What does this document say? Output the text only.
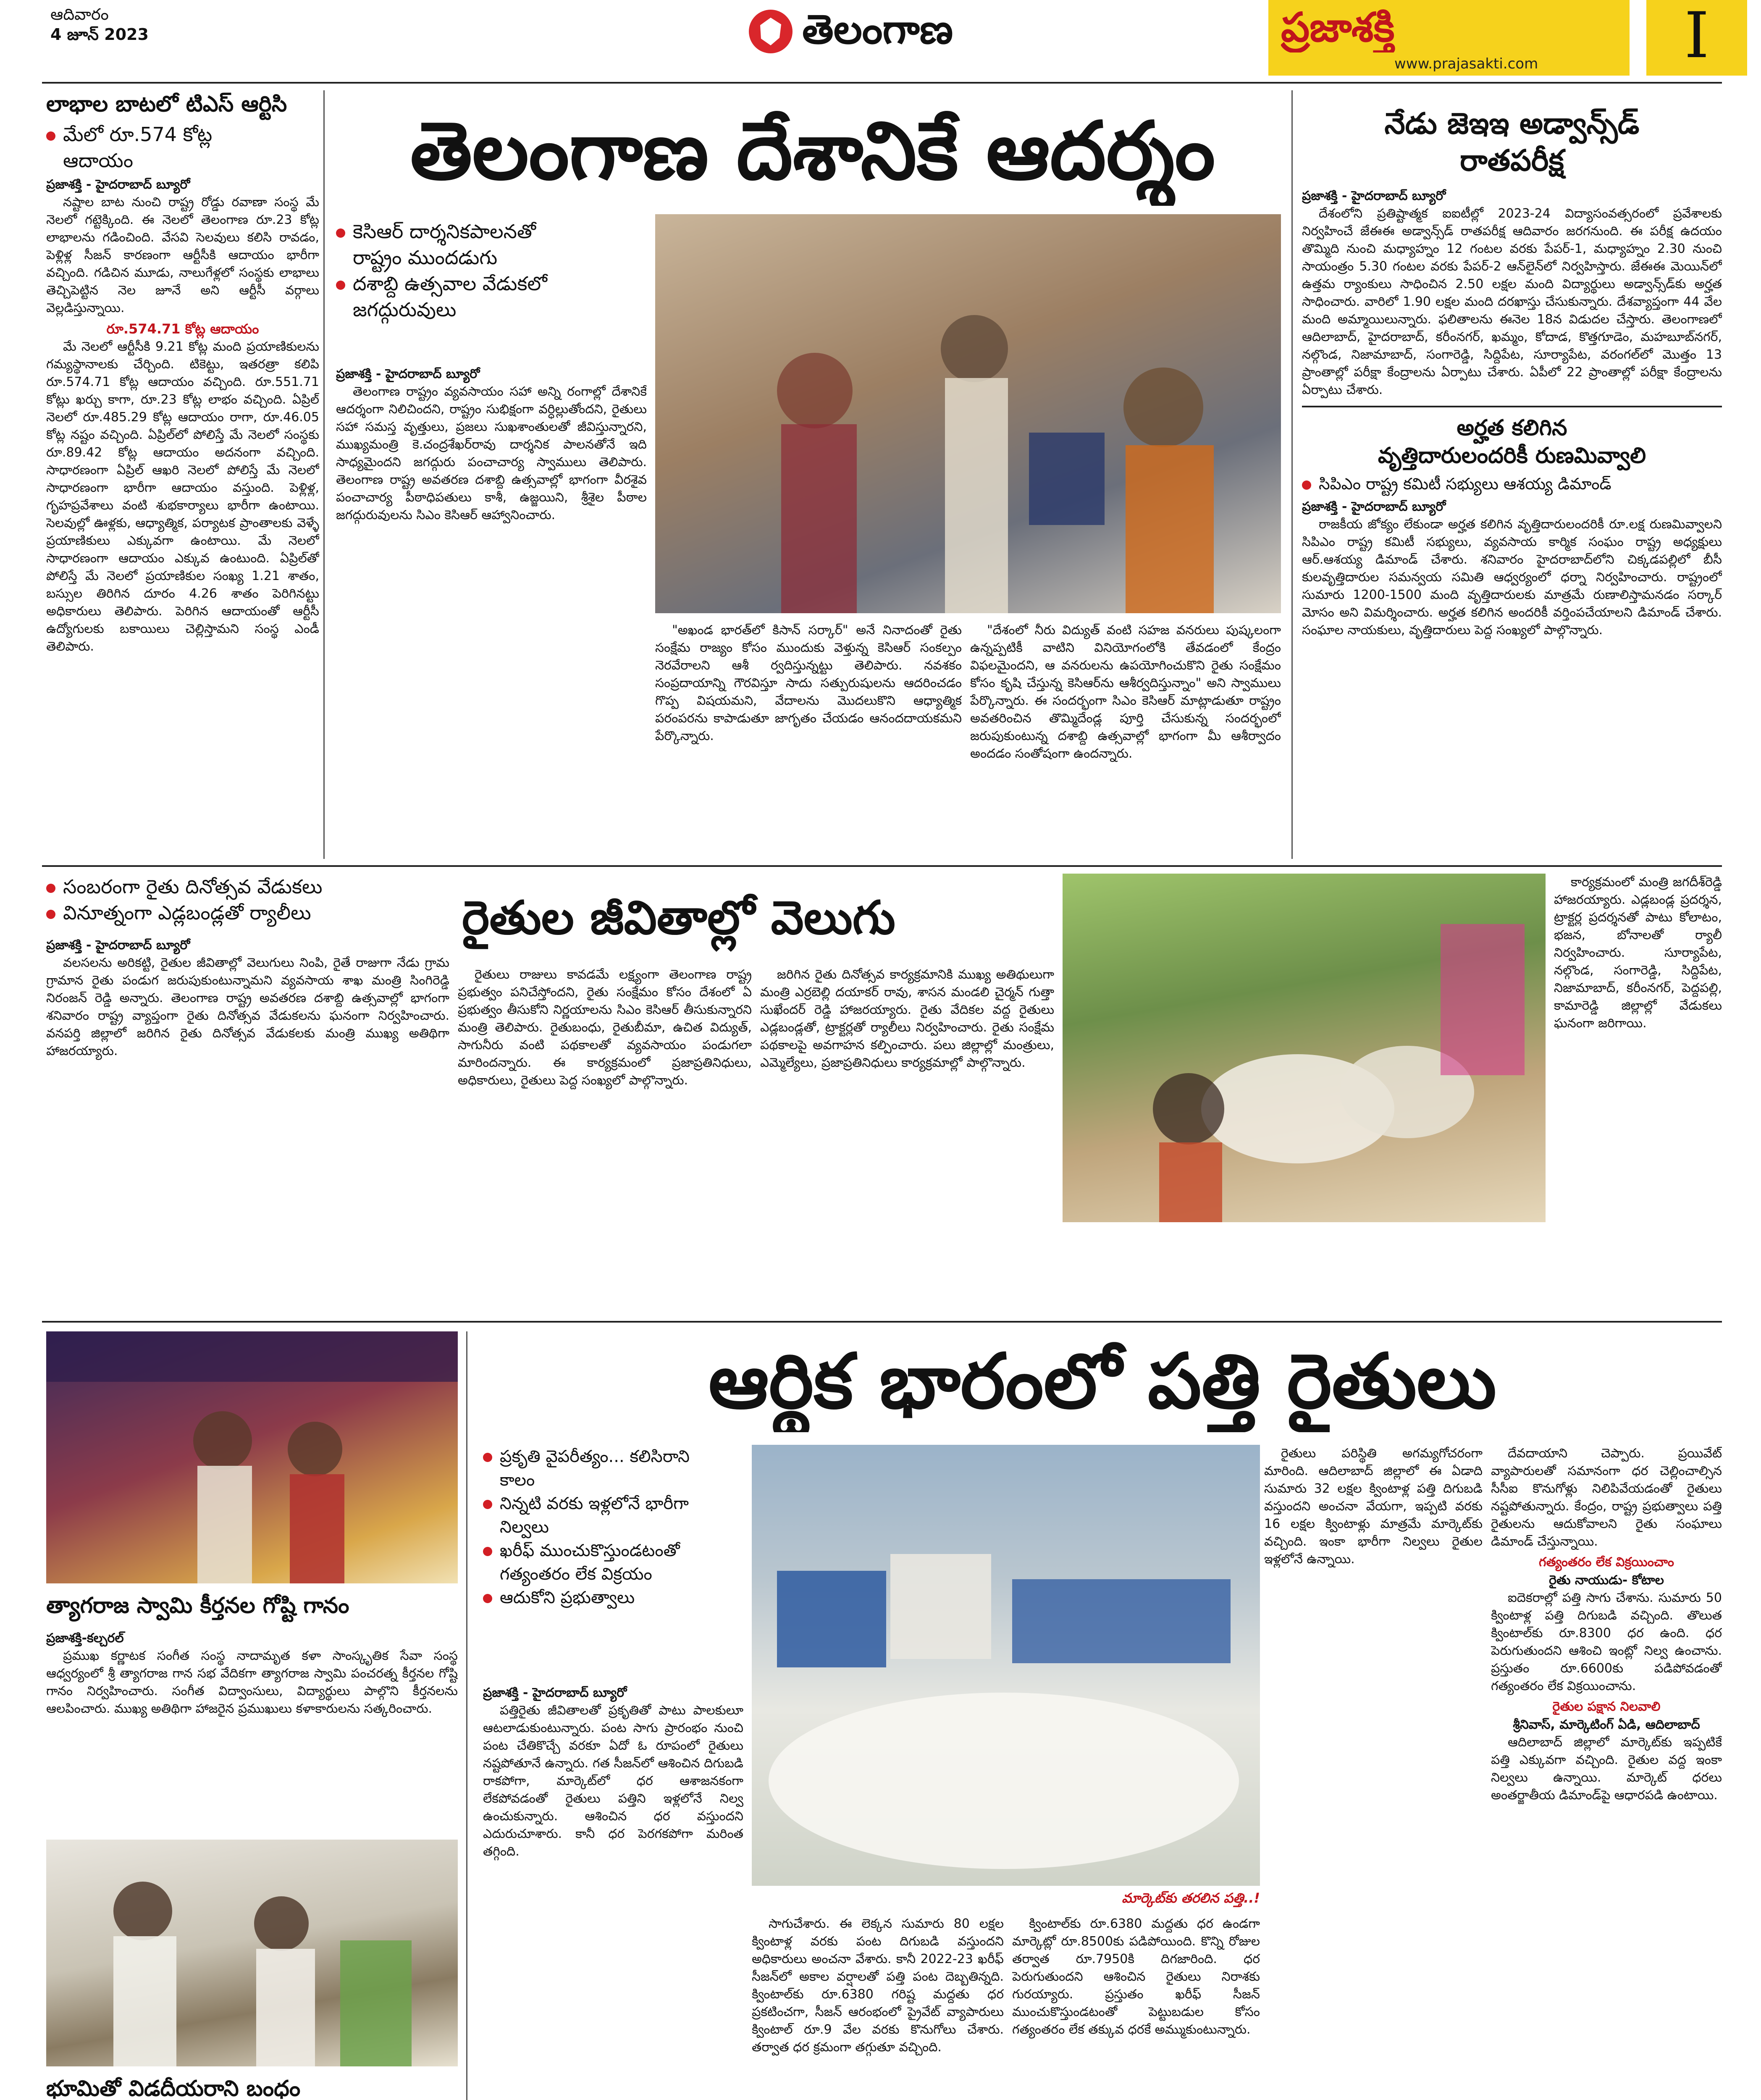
ఆదివారం
4 జూన్ 2023	తెలంగాణ	ప్రజాశక్తి
www.prajasakti.com	I
లాభాల బాటలో టిఎస్ ఆర్టిసి
మేలో రూ.574 కోట్ల
ఆదాయం
ప్రజాశక్తి - హైదరాబాద్ బ్యూరో

నష్టాల బాట నుంచి రాష్ట్ర రోడ్డు రవాణా సంస్థ మే నెలలో గట్టెక్కింది. ఈ నెలలో తెలంగాణ రూ.23 కోట్ల లాభాలను గడించింది. వేసవి సెలవులు కలిసి రావడం, పెళ్లిళ్ల సీజన్ కారణంగా ఆర్టీసీకి ఆదాయం భారీగా వచ్చింది. గడిచిన మూడు, నాలుగేళ్లలో సంస్థకు లాభాలు తెచ్చిపెట్టిన నెల జూనే అని ఆర్టీసీ వర్గాలు వెల్లడిస్తున్నాయి.

రూ.574.71 కోట్ల ఆదాయం

మే నెలలో ఆర్టీసీకి 9.21 కోట్ల మంది ప్రయాణికులను గమ్యస్థానాలకు చేర్చింది. టికెట్టు, ఇతరత్రా కలిపి రూ.574.71 కోట్ల ఆదాయం వచ్చింది. రూ.551.71 కోట్లు ఖర్చు కాగా, రూ.23 కోట్ల లాభం వచ్చింది. ఏప్రిల్ నెలలో రూ.485.29 కోట్ల ఆదాయం రాగా, రూ.46.05 కోట్ల నష్టం వచ్చింది. ఏప్రిల్‌లో పోలిస్తే మే నెలలో సంస్థకు రూ.89.42 కోట్ల ఆదాయం అదనంగా వచ్చింది. సాధారణంగా ఏప్రిల్ ఆఖరి నెలలో పోలిస్తే మే నెలలో సాధారణంగా భారీగా ఆదాయం వస్తుంది. పెళ్లిళ్ల, గృహప్రవేశాలు వంటి శుభకార్యాలు భారీగా ఉంటాయి. సెలవుల్లో ఊళ్లకు, ఆధ్యాత్మిక, పర్యాటక ప్రాంతాలకు వెళ్ళే ప్రయాణికులు ఎక్కువగా ఉంటాయి. మే నెలలో సాధారణంగా ఆదాయం ఎక్కువ ఉంటుంది. ఏప్రిల్‌తో పోలిస్తే మే నెలలో ప్రయాణికుల సంఖ్య 1.21 శాతం, బస్సుల తిరిగిన దూరం 4.26 శాతం పెరిగినట్టు అధికారులు తెలిపారు. పెరిగిన ఆదాయంతో ఆర్టీసీ ఉద్యోగులకు బకాయిలు చెల్లిస్తామని సంస్థ ఎండీ తెలిపారు.

తెలంగాణ దేశానికే ఆదర్శం
కెసిఆర్ దార్శనికపాలనతో
రాష్ట్రం ముందడుగు
దశాబ్ది ఉత్సవాల వేడుకలో
జగద్గురువులు
ప్రజాశక్తి - హైదరాబాద్ బ్యూరో

తెలంగాణ రాష్ట్రం వ్యవసాయం సహా అన్ని రంగాల్లో దేశానికే ఆదర్శంగా నిలిచిందని, రాష్ట్రం సుభిక్షంగా వర్ధిల్లుతోందని, రైతులు సహా సమస్త వృత్తులు, ప్రజలు సుఖశాంతులతో జీవిస్తున్నారని, ముఖ్యమంత్రి కె.చంద్రశేఖర్‌రావు దార్శనిక పాలనతోనే ఇది సాధ్యమైందని జగద్గురు పంచాచార్య స్వాములు తెలిపారు. తెలంగాణ రాష్ట్ర అవతరణ దశాబ్ది ఉత్సవాల్లో భాగంగా వీరశైవ పంచాచార్య పీఠాధిపతులు కాశీ, ఉజ్జయిని, శ్రీశైల పీఠాల జగద్గురువులను సిఎం కెసిఆర్ ఆహ్వానించారు.

"అఖండ భారత్‌లో కిసాన్ సర్కార్" అనే నినాదంతో రైతు సంక్షేమ రాజ్యం కోసం ముందుకు వెళ్తున్న కెసిఆర్ సంకల్పం నెరవేరాలని ఆశీ ర్వదిస్తున్నట్టు తెలిపారు. నవశకం సంప్రదాయాన్ని గౌరవిస్తూ సాదు సత్పురుషులను ఆదరించడం గొప్ప విషయమని, వేదాలను మొదలుకొని ఆధ్యాత్మిక పరంపరను కాపాడుతూ జాగృతం చేయడం ఆనందదాయకమని పేర్కొన్నారు.

"దేశంలో నీరు విద్యుత్ వంటి సహజ వనరులు పుష్కలంగా ఉన్నప్పటికీ వాటిని వినియోగంలోకి తేవడంలో కేంద్రం విఫలమైందని, ఆ వనరులను ఉపయోగించుకొని రైతు సంక్షేమం కోసం కృషి చేస్తున్న కెసిఆర్‌ను ఆశీర్వదిస్తున్నాం" అని స్వాములు పేర్కొన్నారు. ఈ సందర్భంగా సిఎం కెసిఆర్ మాట్లాడుతూ రాష్ట్రం అవతరించిన తొమ్మిదేండ్ల పూర్తి చేసుకున్న సందర్భంలో జరుపుకుంటున్న దశాబ్ది ఉత్సవాల్లో భాగంగా మీ ఆశీర్వాదం అందడం సంతోషంగా ఉందన్నారు.

నేడు జెఇఇ అడ్వాన్స్‌డ్
రాతపరీక్ష
ప్రజాశక్తి - హైదరాబాద్ బ్యూరో

దేశంలోని ప్రతిష్టాత్మక ఐఐటీల్లో 2023-24 విద్యాసంవత్సరంలో ప్రవేశాలకు నిర్వహించే జేఈఈ అడ్వాన్స్‌డ్ రాతపరీక్ష ఆదివారం జరగనుంది. ఈ పరీక్ష ఉదయం తొమ్మిది నుంచి మధ్యాహ్నం 12 గంటల వరకు పేపర్-1, మధ్యాహ్నం 2.30 నుంచి సాయంత్రం 5.30 గంటల వరకు పేపర్-2 ఆన్‌లైన్‌లో నిర్వహిస్తారు. జేఈఈ మెయిన్‌లో ఉత్తమ ర్యాంకులు సాధించిన 2.50 లక్షల మంది విద్యార్థులు అడ్వాన్స్‌డ్‌కు అర్హత సాధించారు. వారిలో 1.90 లక్షల మంది దరఖాస్తు చేసుకున్నారు. దేశవ్యాప్తంగా 44 వేల మంది అమ్మాయిలున్నారు. ఫలితాలను ఈనెల 18న విడుదల చేస్తారు. తెలంగాణలో ఆదిలాబాద్, హైదరాబాద్, కరీంనగర్, ఖమ్మం, కోదాడ, కొత్తగూడెం, మహబూబ్‌నగర్, నల్గొండ, నిజామాబాద్, సంగారెడ్డి, సిద్దిపేట, సూర్యాపేట, వరంగల్‌లో మొత్తం 13 ప్రాంతాల్లో పరీక్షా కేంద్రాలను ఏర్పాటు చేశారు. ఏపీలో 22 ప్రాంతాల్లో పరీక్షా కేంద్రాలను ఏర్పాటు చేశారు.

అర్హత కలిగిన
వృత్తిదారులందరికీ రుణమివ్వాలి
సిపిఎం రాష్ట్ర కమిటీ సభ్యులు ఆశయ్య డిమాండ్
ప్రజాశక్తి - హైదరాబాద్ బ్యూరో

రాజకీయ జోక్యం లేకుండా అర్హత కలిగిన వృత్తిదారులందరికీ రూ.లక్ష రుణమివ్వాలని సిపిఎం రాష్ట్ర కమిటీ సభ్యులు, వ్యవసాయ కార్మిక సంఘం రాష్ట్ర అధ్యక్షులు ఆర్.ఆశయ్య డిమాండ్ చేశారు. శనివారం హైదరాబాద్‌లోని చిక్కడపల్లిలో బీసీ కులవృత్తిదారుల సమన్వయ సమితి ఆధ్వర్యంలో ధర్నా నిర్వహించారు. రాష్ట్రంలో సుమారు 1200-1500 మంది వృత్తిదారులకు మాత్రమే రుణాలిస్తామనడం సర్కార్ మోసం అని విమర్శించారు. అర్హత కలిగిన అందరికీ వర్తింపచేయాలని డిమాండ్ చేశారు. సంఘాల నాయకులు, వృత్తిదారులు పెద్ద సంఖ్యలో పాల్గొన్నారు.

సంబరంగా రైతు దినోత్సవ వేడుకలు
వినూత్నంగా ఎడ్లబండ్లతో ర్యాలీలు	రైతుల జీవితాల్లో వెలుగు
ప్రజాశక్తి - హైదరాబాద్ బ్యూరో

వలసలను అరికట్టి, రైతుల జీవితాల్లో వెలుగులు నింపి, రైతే రాజుగా నేడు గ్రామ గ్రామాన రైతు పండుగ జరుపుకుంటున్నామని వ్యవసాయ శాఖ మంత్రి సింగిరెడ్డి నిరంజన్ రెడ్డి అన్నారు. తెలంగాణ రాష్ట్ర అవతరణ దశాబ్ది ఉత్సవాల్లో భాగంగా శనివారం రాష్ట్ర వ్యాప్తంగా రైతు దినోత్సవ వేడుకలను ఘనంగా నిర్వహించారు. వనపర్తి జిల్లాలో జరిగిన రైతు దినోత్సవ వేడుకలకు మంత్రి ముఖ్య అతిథిగా హాజరయ్యారు.

రైతులు రాజులు కావడమే లక్ష్యంగా తెలంగాణ రాష్ట్ర ప్రభుత్వం పనిచేస్తోందని, రైతు సంక్షేమం కోసం దేశంలో ఏ ప్రభుత్వం తీసుకోని నిర్ణయాలను సిఎం కెసిఆర్ తీసుకున్నారని మంత్రి తెలిపారు. రైతుబంధు, రైతుబీమా, ఉచిత విద్యుత్, సాగునీరు వంటి పథకాలతో వ్యవసాయం పండుగలా మారిందన్నారు. ఈ కార్యక్రమంలో ప్రజాప్రతినిధులు, అధికారులు, రైతులు పెద్ద సంఖ్యలో పాల్గొన్నారు.

జరిగిన రైతు దినోత్సవ కార్యక్రమానికి ముఖ్య అతిథులుగా మంత్రి ఎర్రబెల్లి దయాకర్ రావు, శాసన మండలి చైర్మన్ గుత్తా సుఖేందర్ రెడ్డి హాజరయ్యారు. రైతు వేదికల వద్ద రైతులు ఎడ్లబండ్లతో, ట్రాక్టర్లతో ర్యాలీలు నిర్వహించారు. రైతు సంక్షేమ పథకాలపై అవగాహన కల్పించారు. పలు జిల్లాల్లో మంత్రులు, ఎమ్మెల్యేలు, ప్రజాప్రతినిధులు కార్యక్రమాల్లో పాల్గొన్నారు.

కార్యక్రమంలో మంత్రి జగదీశ్‌రెడ్డి హాజరయ్యారు. ఎడ్లబండ్ల ప్రదర్శన, ట్రాక్టర్ల ప్రదర్శనతో పాటు కోలాటం, భజన, బోనాలతో ర్యాలీ నిర్వహించారు. సూర్యాపేట, నల్గొండ, సంగారెడ్డి, సిద్దిపేట, నిజామాబాద్, కరీంనగర్, పెద్దపల్లి, కామారెడ్డి జిల్లాల్లో వేడుకలు ఘనంగా జరిగాయి.

త్యాగరాజ స్వామి కీర్తనల గోష్టి గానం
ప్రజాశక్తి-కల్చరల్

ప్రముఖ కర్ణాటక సంగీత సంస్థ నాదామృత కళా సాంస్కృతిక సేవా సంస్థ ఆధ్వర్యంలో శ్రీ త్యాగరాజ గాన సభ వేదికగా త్యాగరాజ స్వామి పంచరత్న కీర్తనల గోష్టి గానం నిర్వహించారు. సంగీత విద్వాంసులు, విద్యార్థులు పాల్గొని కీర్తనలను ఆలపించారు. ముఖ్య అతిథిగా హాజరైన ప్రముఖులు కళాకారులను సత్కరించారు.

భూమితో విడదీయరాని బంధం

ఆర్థిక భారంలో పత్తి రైతులు
ప్రకృతి వైపరీత్యం... కలిసిరాని
కాలం
నిన్నటి వరకు ఇళ్లలోనే భారీగా
నిల్వలు
ఖరీఫ్ ముంచుకొస్తుండటంతో
గత్యంతరం లేక విక్రయం
ఆదుకోని ప్రభుత్వాలు
మార్కెట్‌కు తరలిన పత్తి..!
ప్రజాశక్తి - హైదరాబాద్ బ్యూరో

పత్తిరైతు జీవితాలతో ప్రకృతితో పాటు పాలకులూ ఆటలాడుకుంటున్నారు. పంట సాగు ప్రారంభం నుంచి పంట చేతికొచ్చే వరకూ ఏదో ఓ రూపంలో రైతులు నష్టపోతూనే ఉన్నారు. గత సీజన్‌లో ఆశించిన దిగుబడి రాకపోగా, మార్కెట్‌లో ధర ఆశాజనకంగా లేకపోవడంతో రైతులు పత్తిని ఇళ్లలోనే నిల్వ ఉంచుకున్నారు. ఆశించిన ధర వస్తుందని ఎదురుచూశారు. కానీ ధర పెరగకపోగా మరింత తగ్గింది.

సాగుచేశారు. ఈ లెక్కన సుమారు 80 లక్షల క్వింటాళ్ల వరకు పంట దిగుబడి వస్తుందని అధికారులు అంచనా వేశారు. కానీ 2022-23 ఖరీఫ్ సీజన్‌లో అకాల వర్షాలతో పత్తి పంట దెబ్బతిన్నది. క్వింటాల్‌కు రూ.6380 గరిష్ట మద్దతు ధర ప్రకటించగా, సీజన్ ఆరంభంలో ప్రైవేట్ వ్యాపారులు క్వింటాల్ రూ.9 వేల వరకు కొనుగోలు చేశారు. తర్వాత ధర క్రమంగా తగ్గుతూ వచ్చింది.

క్వింటాల్‌కు రూ.6380 మద్దతు ధర ఉండగా మార్కెట్లో రూ.8500కు పడిపోయింది. కొన్ని రోజుల తర్వాత రూ.7950కి దిగజారింది. ధర పెరుగుతుందని ఆశించిన రైతులు నిరాశకు గురయ్యారు. ప్రస్తుతం ఖరీఫ్ సీజన్ ముంచుకొస్తుండటంతో పెట్టుబడుల కోసం గత్యంతరం లేక తక్కువ ధరకే అమ్ముకుంటున్నారు.

రైతులు పరిస్థితి అగమ్యగోచరంగా మారింది. ఆదిలాబాద్ జిల్లాలో ఈ ఏడాది సుమారు 32 లక్షల క్వింటాళ్ల పత్తి దిగుబడి వస్తుందని అంచనా వేయగా, ఇప్పటి వరకు 16 లక్షల క్వింటాళ్లు మాత్రమే మార్కెట్‌కు వచ్చింది. ఇంకా భారీగా నిల్వలు రైతుల ఇళ్లలోనే ఉన్నాయి.

దేవదాయాని చెప్పారు. ప్రయివేట్ వ్యాపారులతో సమానంగా ధర చెల్లించాల్సిన సీసీఐ కొనుగోళ్లు నిలిపివేయడంతో రైతులు నష్టపోతున్నారు. కేంద్రం, రాష్ట్ర ప్రభుత్వాలు పత్తి రైతులను ఆదుకోవాలని రైతు సంఘాలు డిమాండ్ చేస్తున్నాయి.

గత్యంతరం లేక విక్రయించాం
రైతు నాయుడు- కోటాల

ఐదెకరాల్లో పత్తి సాగు చేశాను. సుమారు 50 క్వింటాళ్ల పత్తి దిగుబడి వచ్చింది. తొలుత క్వింటాల్‌కు రూ.8300 ధర ఉంది. ధర పెరుగుతుందని ఆశించి ఇంట్లో నిల్వ ఉంచాను. ప్రస్తుతం రూ.6600కు పడిపోవడంతో గత్యంతరం లేక విక్రయించాను.

రైతుల పక్షాన నిలవాలి
శ్రీనివాస్, మార్కెటింగ్ ఏడి, ఆదిలాబాద్

ఆదిలాబాద్ జిల్లాలో మార్కెట్‌కు ఇప్పటికే పత్తి ఎక్కువగా వచ్చింది. రైతుల వద్ద ఇంకా నిల్వలు ఉన్నాయి. మార్కెట్ ధరలు అంతర్జాతీయ డిమాండ్‌పై ఆధారపడి ఉంటాయి.
